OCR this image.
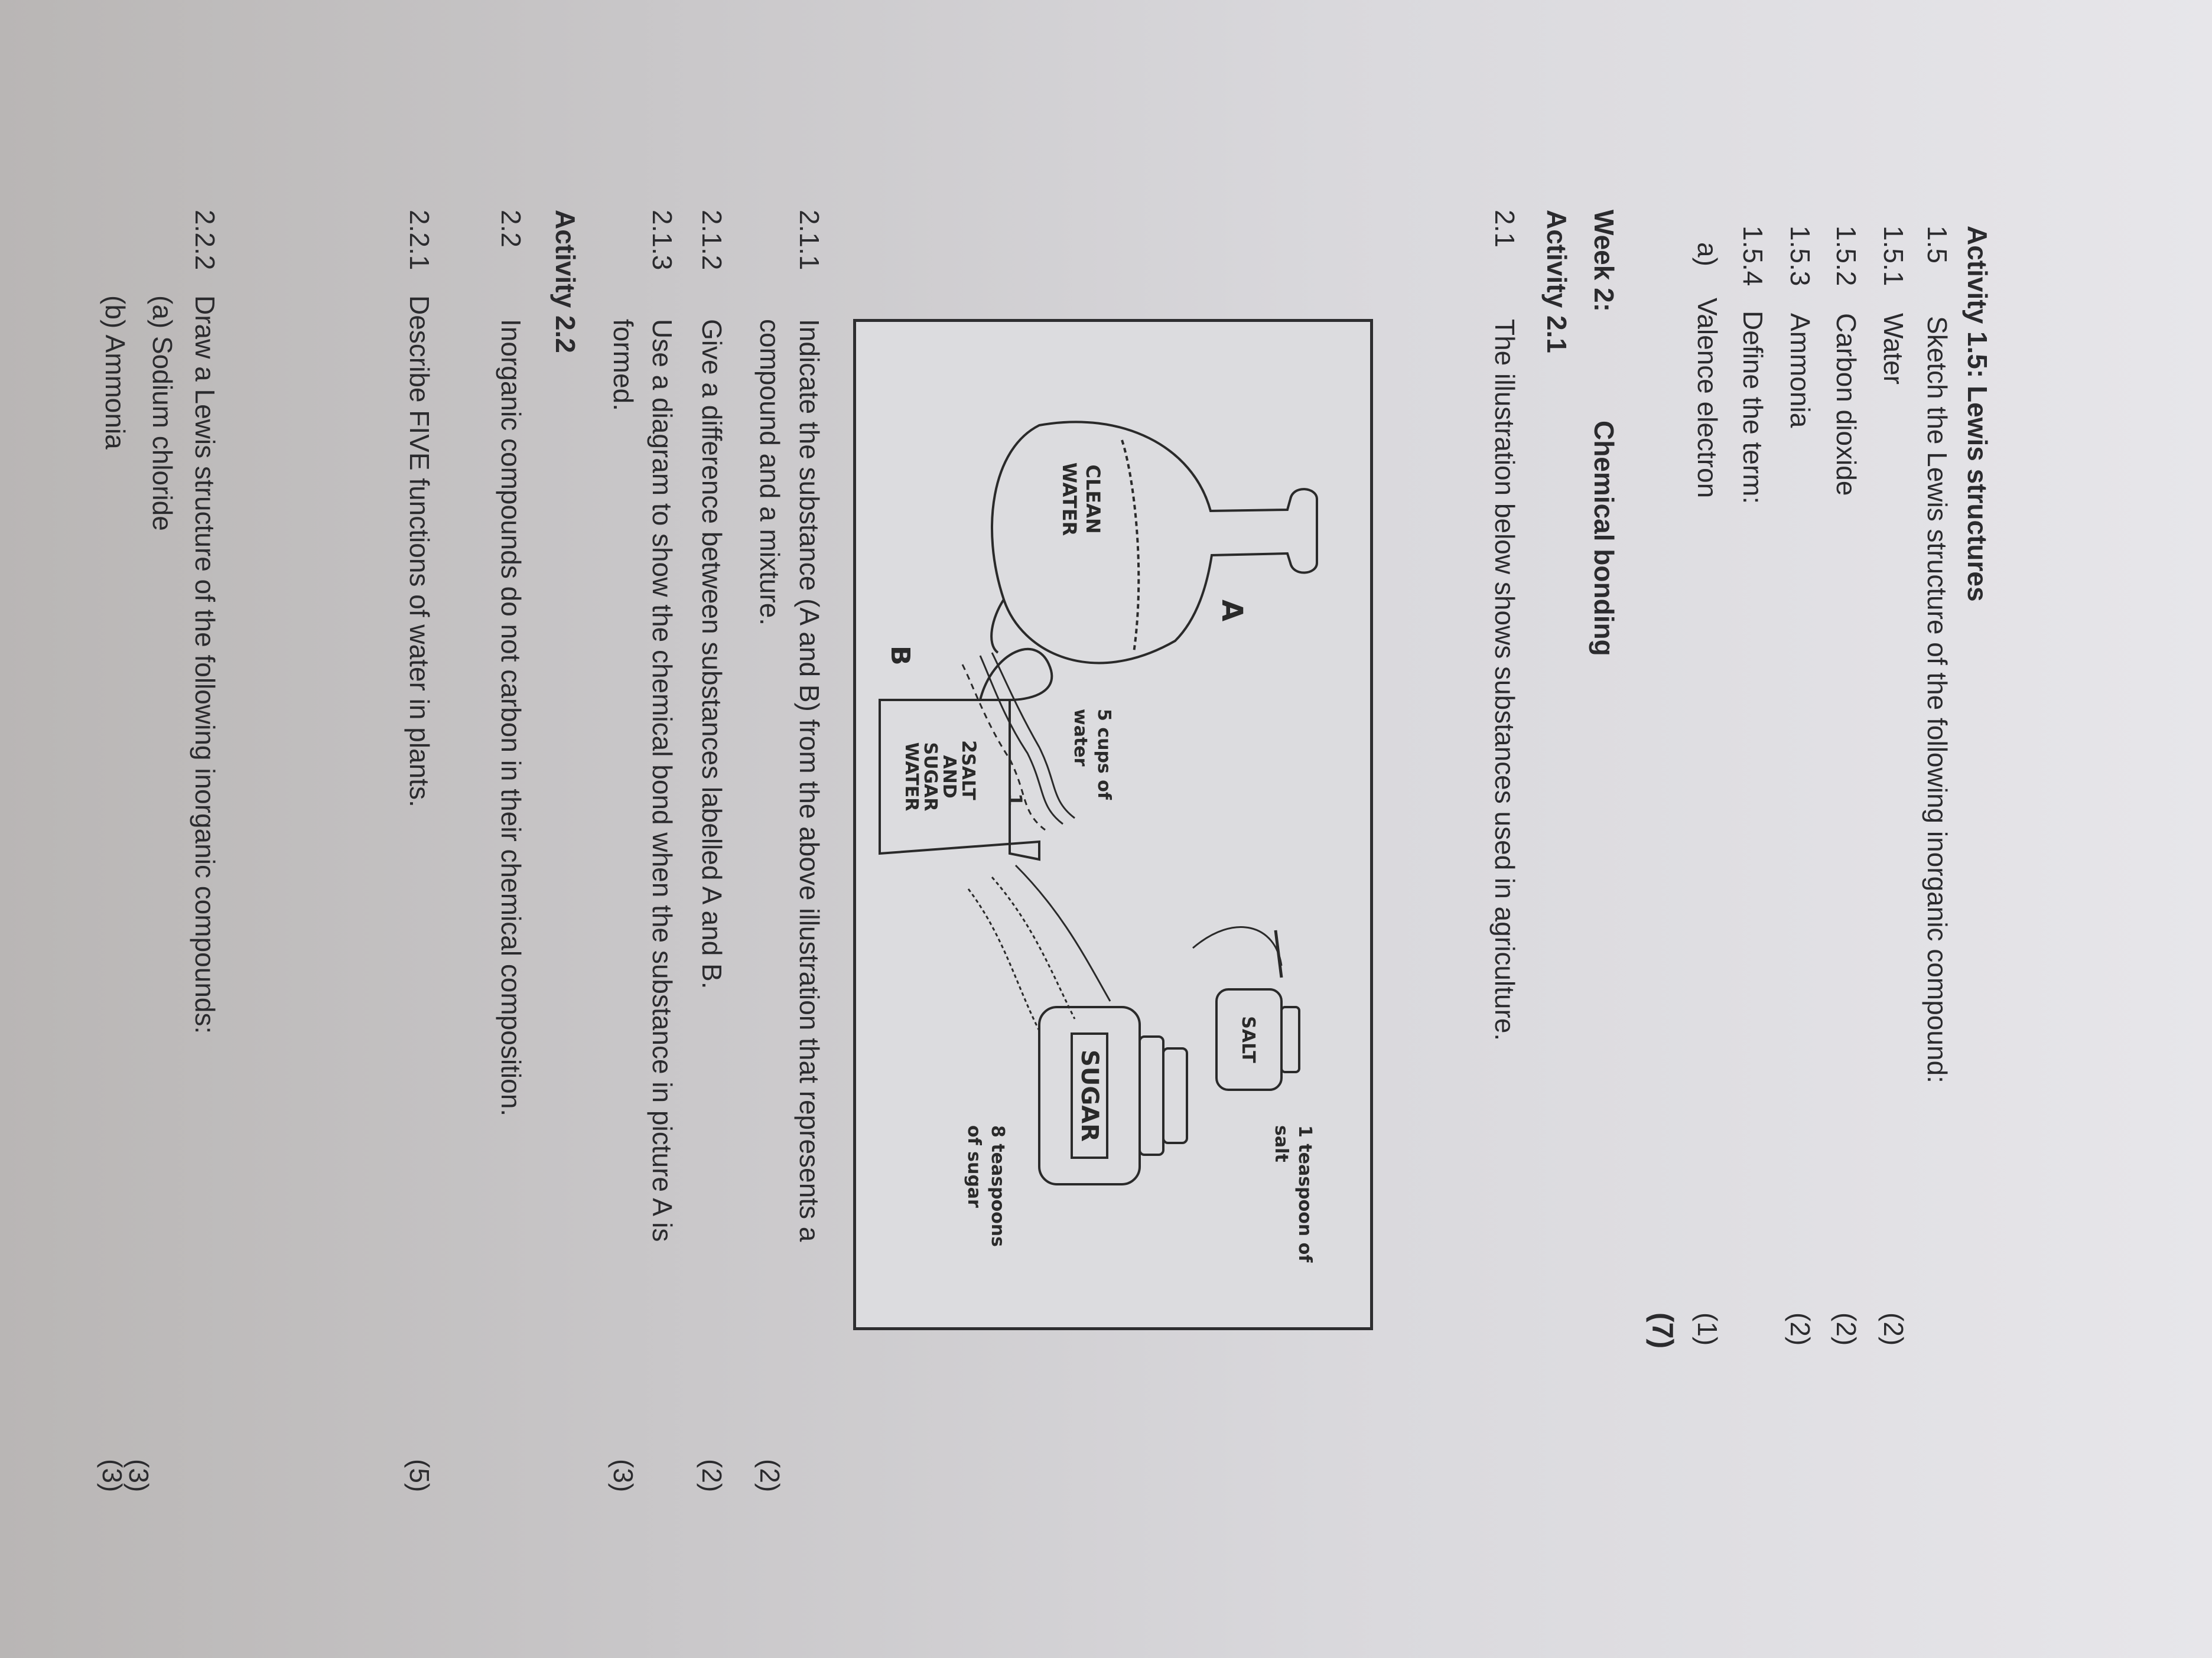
Activity 1.5: Lewis structures
1.5
Sketch the Lewis structure of the following inorganic compound:
1.5.1
Water
(2)
1.5.2
Carbon dioxide
(2)
1.5.3
Ammonia
(2)
1.5.4
Define the term:
a)
Valence electron
(1)
(7)
Week 2:
Chemical bonding
Activity 2.1
2.1
The illustration below shows substances used in agriculture.
CLEAN
WATER
A
2
1
5 cups of
water
SALT
AND
SUGAR
WATER
B
SALT
1 teaspoon of
salt
SUGAR
8 teaspoons
of sugar
2.1.1
Indicate the substance (A and B) from the above illustration that represents a
compound and a mixture.
(2)
2.1.2
Give a difference between substances labelled A and B.
(2)
2.1.3
Use a diagram to show the chemical bond when the substance in picture A is
formed.
(3)
Activity 2.2
2.2
Inorganic compounds do not carbon in their chemical composition.
2.2.1
Describe FIVE functions of water in plants.
(5)
2.2.2
Draw a Lewis structure of the following inorganic compounds:
(a) Sodium chloride
(3)
(b) Ammonia
(3)
